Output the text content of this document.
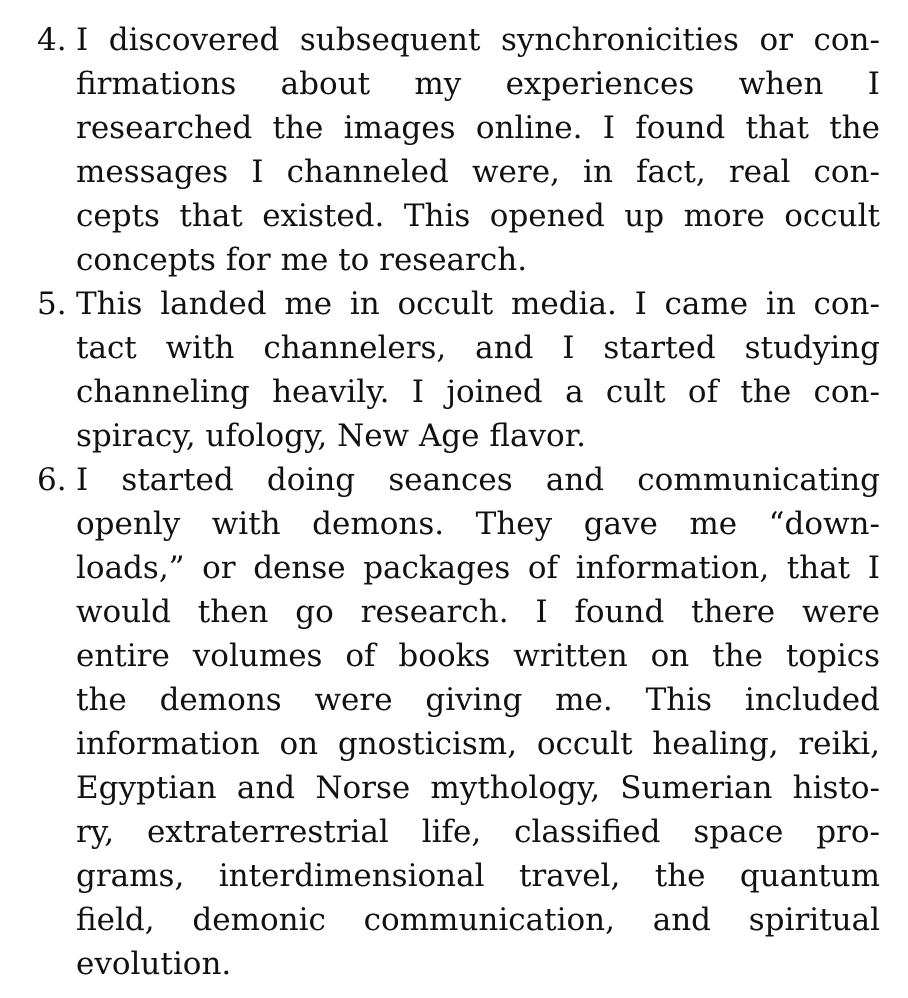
4. I discovered subsequent synchronicities or con-
firmations about my experiences when I
researched the images online. I found that the
messages I channeled were, in fact, real con-
cepts that existed. This opened up more occult
concepts for me to research.
5. This landed me in occult media. I came in con-
tact with channelers, and I started studying
channeling heavily. I joined a cult of the con-
spiracy, ufology, New Age flavor.
6. I started doing seances and communicating
openly with demons. They gave me “down-
loads,” or dense packages of information, that I
would then go research. I found there were
entire volumes of books written on the topics
the demons were giving me. This included
information on gnosticism, occult healing, reiki,
Egyptian and Norse mythology, Sumerian histo-
ry, extraterrestrial life, classified space pro-
grams, interdimensional travel, the quantum
field, demonic communication, and spiritual
evolution.
